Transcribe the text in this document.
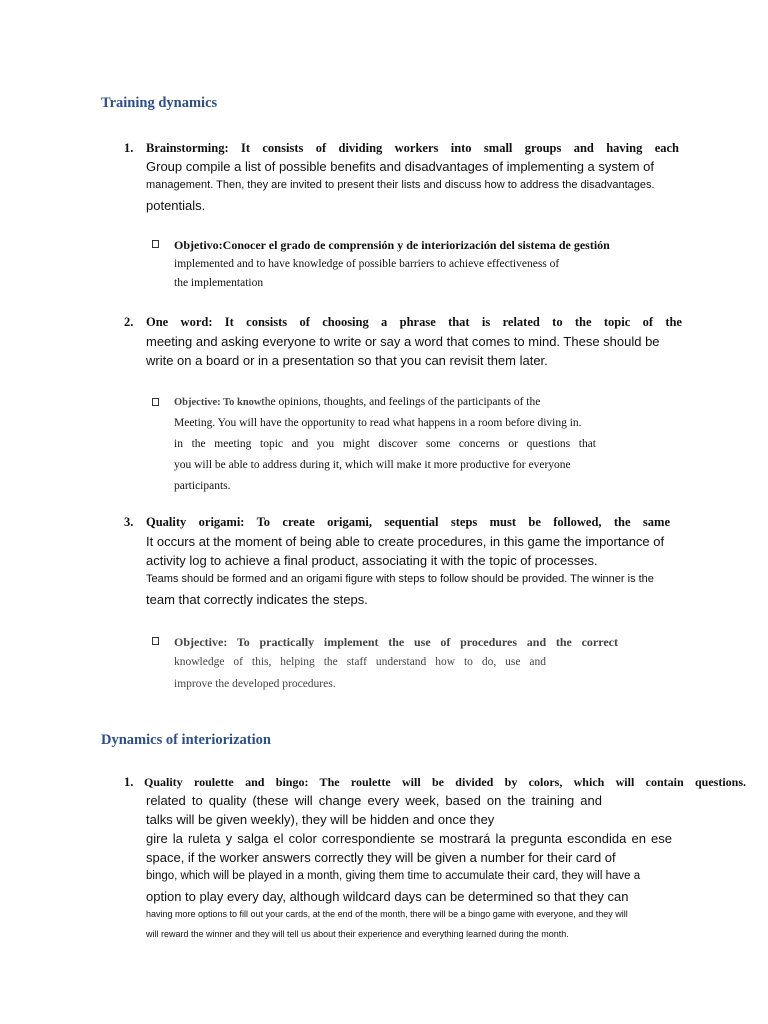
Training dynamics
1. Brainstorming: It consists of dividing workers into small groups and having each
Group compile a list of possible benefits and disadvantages of implementing a system of
management. Then, they are invited to present their lists and discuss how to address the disadvantages.
potentials.
Objetivo:Conocer el grado de comprensión y de interiorización del sistema de gestión
implemented and to have knowledge of possible barriers to achieve effectiveness of
the implementation
2. One word: It consists of choosing a phrase that is related to the topic of the
meeting and asking everyone to write or say a word that comes to mind. These should be
write on a board or in a presentation so that you can revisit them later.
Objective: To knowthe opinions, thoughts, and feelings of the participants of the
Meeting. You will have the opportunity to read what happens in a room before diving in.
in the meeting topic and you might discover some concerns or questions that
you will be able to address during it, which will make it more productive for everyone
participants.
3. Quality origami: To create origami, sequential steps must be followed, the same
It occurs at the moment of being able to create procedures, in this game the importance of
activity log to achieve a final product, associating it with the topic of processes.
Teams should be formed and an origami figure with steps to follow should be provided. The winner is the
team that correctly indicates the steps.
Objective: To practically implement the use of procedures and the correct
knowledge of this, helping the staff understand how to do, use and
improve the developed procedures.
Dynamics of interiorization
1. Quality roulette and bingo: The roulette will be divided by colors, which will contain questions.
related to quality (these will change every week, based on the training and
talks will be given weekly), they will be hidden and once they
gire la ruleta y salga el color correspondiente se mostrará la pregunta escondida en ese
space, if the worker answers correctly they will be given a number for their card of
bingo, which will be played in a month, giving them time to accumulate their card, they will have a
option to play every day, although wildcard days can be determined so that they can
having more options to fill out your cards, at the end of the month, there will be a bingo game with everyone, and they will
will reward the winner and they will tell us about their experience and everything learned during the month.
